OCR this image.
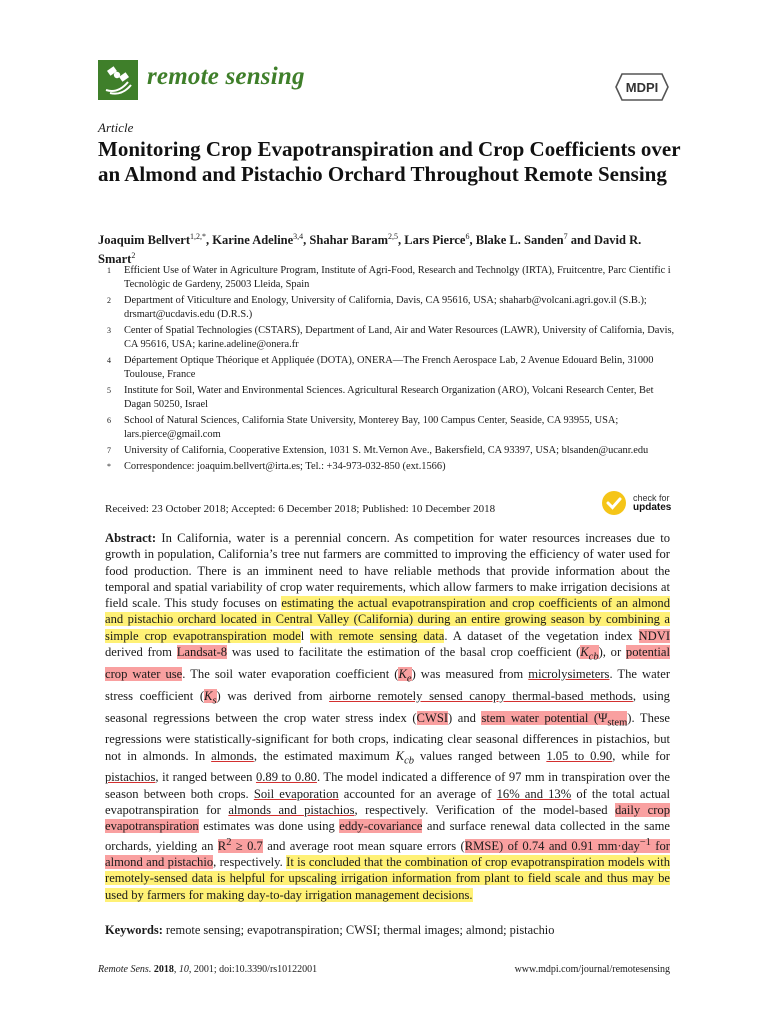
remote sensing	MDPI
Article
Monitoring Crop Evapotranspiration and Crop Coefficients over an Almond and Pistachio Orchard Throughout Remote Sensing
Joaquim Bellvert$^{1,2,*}$, Karine Adeline$^{3,4}$, Shahar Baram$^{2,5}$, Lars Pierce$^6$, Blake L. Sanden$^7$ and David R. Smart$^2$
1	Efficient Use of Water in Agriculture Program, Institute of Agri-Food, Research and Technolgy (IRTA), Fruitcentre, Parc Científic i Tecnològic de Gardeny, 25003 Lleida, Spain
2	Department of Viticulture and Enology, University of California, Davis, CA 95616, USA; shaharb@volcani.agri.gov.il (S.B.); drsmart@ucdavis.edu (D.R.S.)
3	Center of Spatial Technologies (CSTARS), Department of Land, Air and Water Resources (LAWR), University of California, Davis, CA 95616, USA; karine.adeline@onera.fr
4	Département Optique Théorique et Appliquée (DOTA), ONERA—The French Aerospace Lab, 2 Avenue Edouard Belin, 31000 Toulouse, France
5	Institute for Soil, Water and Environmental Sciences. Agricultural Research Organization (ARO), Volcani Research Center, Bet Dagan 50250, Israel
6	School of Natural Sciences, California State University, Monterey Bay, 100 Campus Center, Seaside, CA 93955, USA; lars.pierce@gmail.com
7	University of California, Cooperative Extension, 1031 S. Mt.Vernon Ave., Bakersfield, CA 93397, USA; blsanden@ucanr.edu
*	Correspondence: joaquim.bellvert@irta.es; Tel.: +34-973-032-850 (ext.1566)
Received: 23 October 2018; Accepted: 6 December 2018; Published: 10 December 2018
check for
updates
Abstract: In California, water is a perennial concern. As competition for water resources increases due to growth in population, California’s tree nut farmers are committed to improving the efficiency of water used for food production. There is an imminent need to have reliable methods that provide information about the temporal and spatial variability of crop water requirements, which allow farmers to make irrigation decisions at field scale. This study focuses on estimating the actual evapotranspiration and crop coefficients of an almond and pistachio orchard located in Central Valley (California) during an entire growing season by combining a simple crop evapotranspiration model with remote sensing data. A dataset of the vegetation index NDVI derived from Landsat-8 was used to facilitate the estimation of the basal crop coefficient $(K_{cb})$, or potential crop water use. The soil water evaporation coefficient $(K_e)$ was measured from microlysimeters. The water stress coefficient $(K_s)$ was derived from airborne remotely sensed canopy thermal-based methods, using seasonal regressions between the crop water stress index (CWSI) and stem water potential $(\Psi_{stem})$. These regressions were statistically-significant for both crops, indicating clear seasonal differences in pistachios, but not in almonds. In almonds, the estimated maximum $K_{cb}$ values ranged between 1.05 to 0.90, while for pistachios, it ranged between 0.89 to 0.80. The model indicated a difference of 97 mm in transpiration over the season between both crops. Soil evaporation accounted for an average of 16% and 13% of the total actual evapotranspiration for almonds and pistachios, respectively. Verification of the model-based daily crop evapotranspiration estimates was done using eddy-covariance and surface renewal data collected in the same orchards, yielding an $R^2 \ge 0.7$ and average root mean square errors (RMSE) of 0.74 and 0.91 mm·day$^{-1}$ for almond and pistachio, respectively. It is concluded that the combination of crop evapotranspiration models with remotely-sensed data is helpful for upscaling irrigation information from plant to field scale and thus may be used by farmers for making day-to-day irrigation management decisions.
Keywords: remote sensing; evapotranspiration; CWSI; thermal images; almond; pistachio
Remote Sens. 2018, 10, 2001; doi:10.3390/rs10122001	www.mdpi.com/journal/remotesensing
